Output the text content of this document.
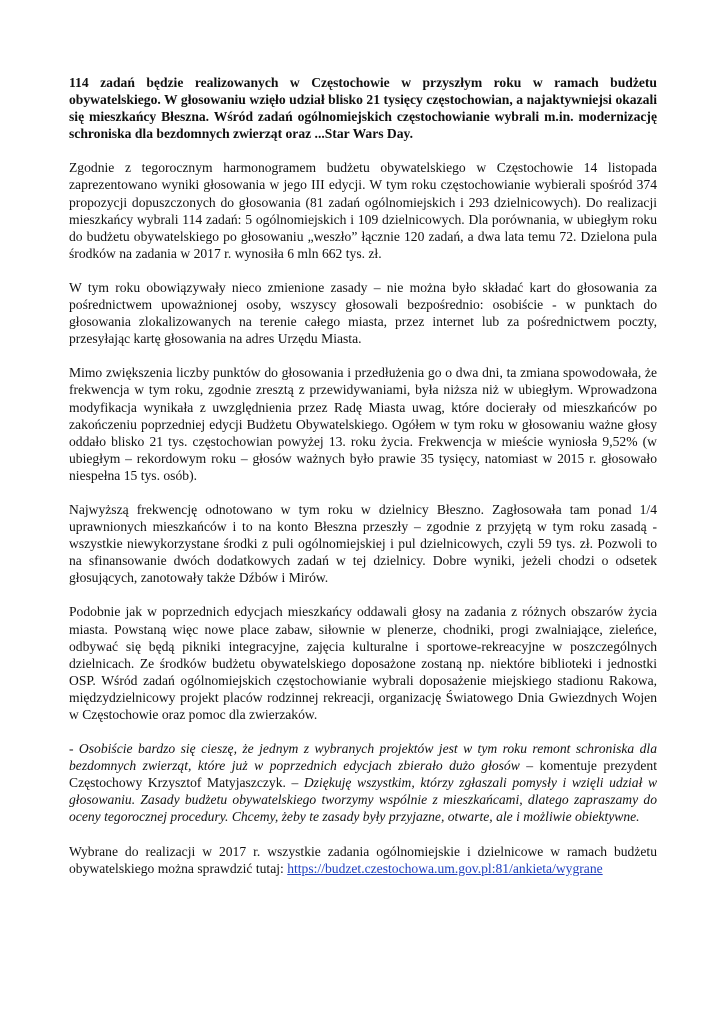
114 zadań będzie realizowanych w Częstochowie w przyszłym roku w ramach budżetu obywatelskiego. W głosowaniu wzięło udział blisko 21 tysięcy częstochowian, a najaktywniejsi okazali się mieszkańcy Błeszna. Wśród zadań ogólnomiejskich częstochowianie wybrali m.in. modernizację schroniska dla bezdomnych zwierząt oraz ...Star Wars Day.

Zgodnie z tegorocznym harmonogramem budżetu obywatelskiego w Częstochowie 14 listopada zaprezentowano wyniki głosowania w jego III edycji. W tym roku częstochowianie wybierali spośród 374 propozycji dopuszczonych do głosowania (81 zadań ogólnomiejskich i 293 dzielnicowych). Do realizacji mieszkańcy wybrali 114 zadań: 5 ogólnomiejskich i 109 dzielnicowych. Dla porównania, w ubiegłym roku do budżetu obywatelskiego po głosowaniu „weszło” łącznie 120 zadań, a dwa lata temu 72. Dzielona pula środków na zadania w 2017 r. wynosiła 6 mln 662 tys. zł.

W tym roku obowiązywały nieco zmienione zasady – nie można było składać kart do głosowania za pośrednictwem upoważnionej osoby, wszyscy głosowali bezpośrednio: osobiście - w punktach do głosowania zlokalizowanych na terenie całego miasta, przez internet lub za pośrednictwem poczty, przesyłając kartę głosowania na adres Urzędu Miasta.

Mimo zwiększenia liczby punktów do głosowania i przedłużenia go o dwa dni, ta zmiana spowodowała, że frekwencja w tym roku, zgodnie zresztą z przewidywaniami, była niższa niż w ubiegłym. Wprowadzona modyfikacja wynikała z uwzględnienia przez Radę Miasta uwag, które docierały od mieszkańców po zakończeniu poprzedniej edycji Budżetu Obywatelskiego. Ogółem w tym roku w głosowaniu ważne głosy oddało blisko 21 tys. częstochowian powyżej 13. roku życia. Frekwencja w mieście wyniosła 9,52% (w ubiegłym – rekordowym roku – głosów ważnych było prawie 35 tysięcy, natomiast w 2015 r. głosowało niespełna 15 tys. osób).

Najwyższą frekwencję odnotowano w tym roku w dzielnicy Błeszno. Zagłosowała tam ponad 1/4 uprawnionych mieszkańców i to na konto Błeszna przeszły – zgodnie z przyjętą w tym roku zasadą - wszystkie niewykorzystane środki z puli ogólnomiejskiej i pul dzielnicowych, czyli 59 tys. zł. Pozwoli to na sfinansowanie dwóch dodatkowych zadań w tej dzielnicy. Dobre wyniki, jeżeli chodzi o odsetek głosujących, zanotowały także Dźbów i Mirów.

Podobnie jak w poprzednich edycjach mieszkańcy oddawali głosy na zadania z różnych obszarów życia miasta. Powstaną więc nowe place zabaw, siłownie w plenerze, chodniki, progi zwalniające, zieleńce, odbywać się będą pikniki integracyjne, zajęcia kulturalne i sportowe-rekreacyjne w poszczególnych dzielnicach. Ze środków budżetu obywatelskiego doposażone zostaną np. niektóre biblioteki i jednostki OSP. Wśród zadań ogólnomiejskich częstochowianie wybrali doposażenie miejskiego stadionu Rakowa, międzydzielnicowy projekt placów rodzinnej rekreacji, organizację Światowego Dnia Gwiezdnych Wojen w Częstochowie oraz pomoc dla zwierzaków.

- Osobiście bardzo się cieszę, że jednym z wybranych projektów jest w tym roku remont schroniska dla bezdomnych zwierząt, które już w poprzednich edycjach zbierało dużo głosów – komentuje prezydent Częstochowy Krzysztof Matyjaszczyk. – Dziękuję wszystkim, którzy zgłaszali pomysły i wzięli udział w głosowaniu. Zasady budżetu obywatelskiego tworzymy wspólnie z mieszkańcami, dlatego zapraszamy do oceny tegorocznej procedury. Chcemy, żeby te zasady były przyjazne, otwarte, ale i możliwie obiektywne.

Wybrane do realizacji w 2017 r. wszystkie zadania ogólnomiejskie i dzielnicowe w ramach budżetu obywatelskiego można sprawdzić tutaj: https://budzet.czestochowa.um.gov.pl:81/ankieta/wygrane
